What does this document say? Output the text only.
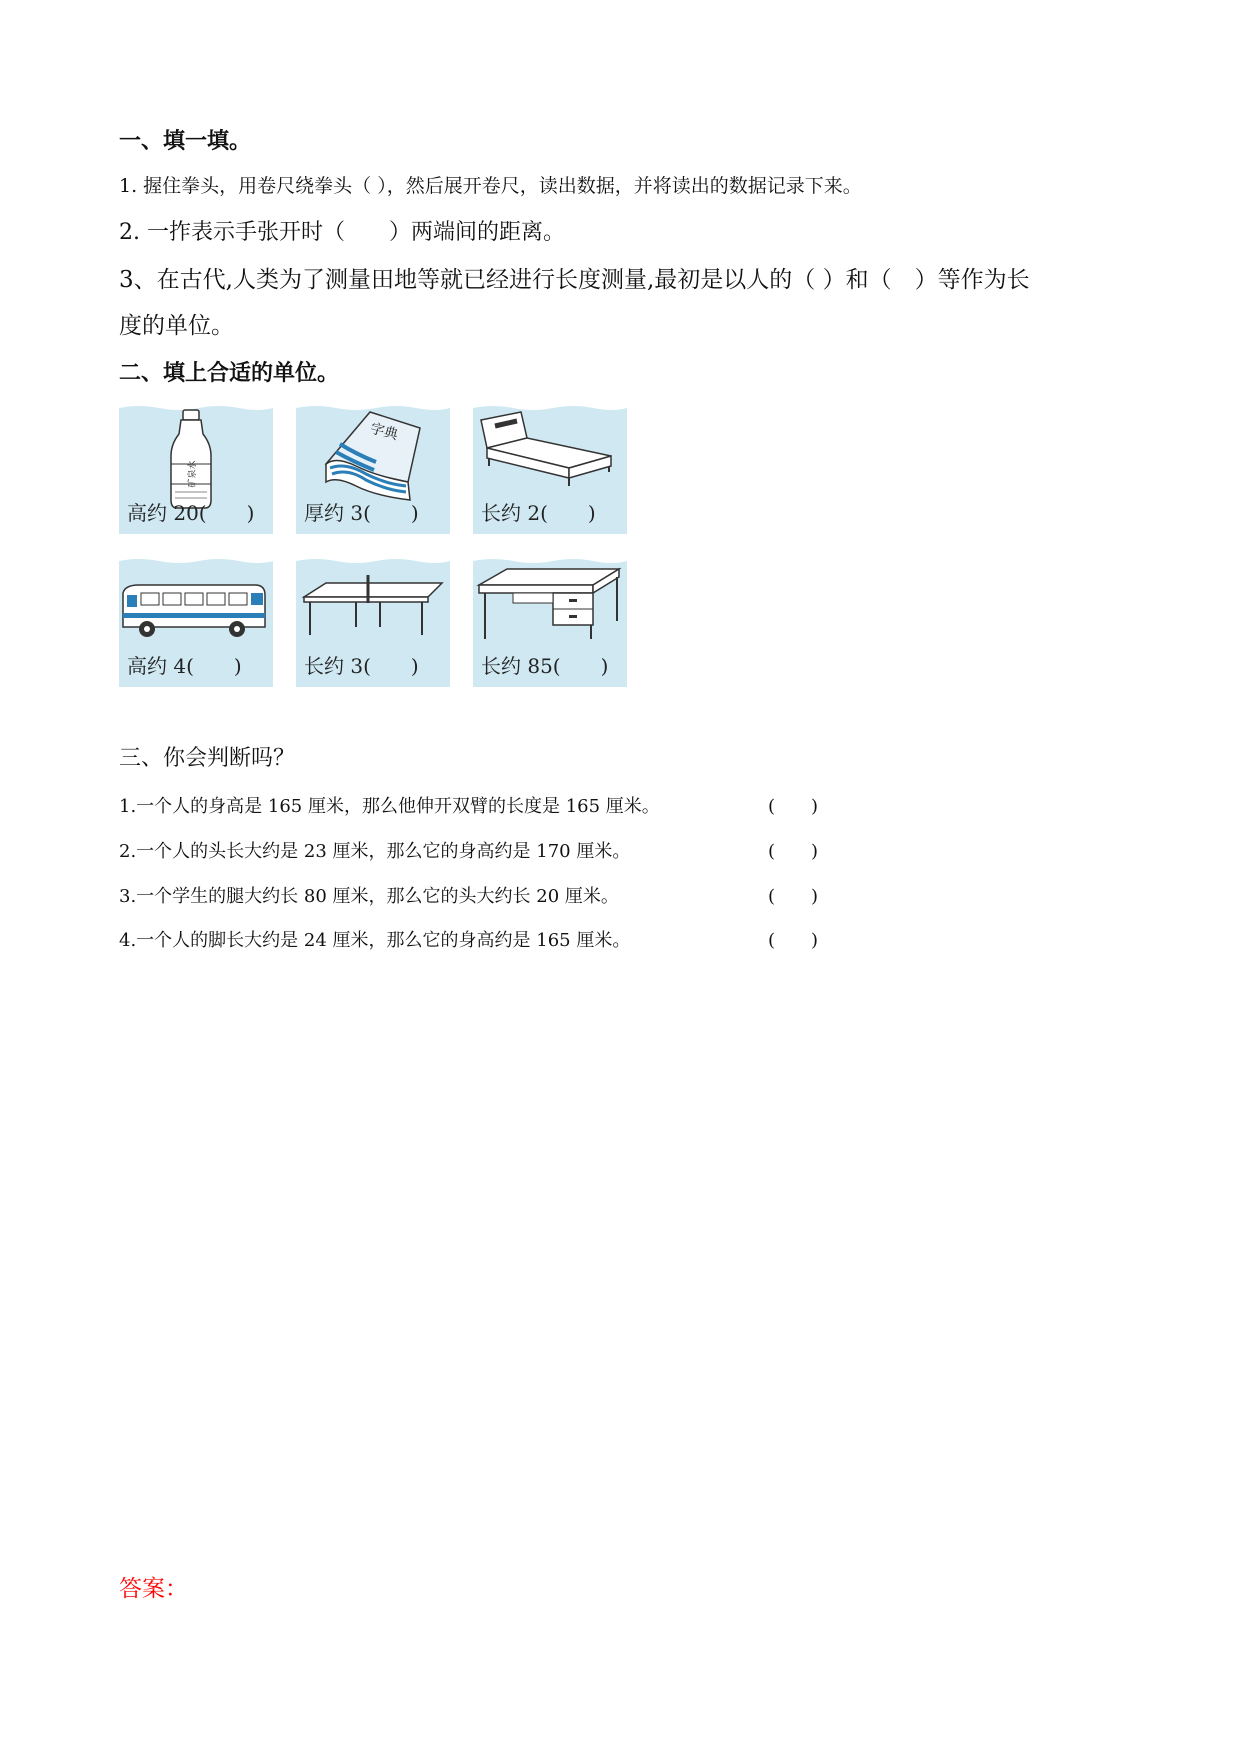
一、填一填。
1. 握住拳头，用卷尺绕拳头（ ），然后展开卷尺，读出数据，并将读出的数据记录下来。
2. 一拃表示手张开时（　　）两端间的距离。
3、在古代,人类为了测量田地等就已经进行长度测量,最初是以人的（ ）和（　）等作为长
度的单位。
二、填上合适的单位。
矿泉水
高约 20(　　)
字典
厚约 3(　　)	长约 2(　　)
高约 4(　　)	长约 3(　　)	长约 85(　　)
三、你会判断吗？
1.一个人的身高是 165 厘米，那么他伸开双臂的长度是 165 厘米。	(　　)
2.一个人的头长大约是 23 厘米，那么它的身高约是 170 厘米。	(　　)
3.一个学生的腿大约长 80 厘米，那么它的头大约长 20 厘米。	(　　)
4.一个人的脚长大约是 24 厘米，那么它的身高约是 165 厘米。	(　　)
答案：
